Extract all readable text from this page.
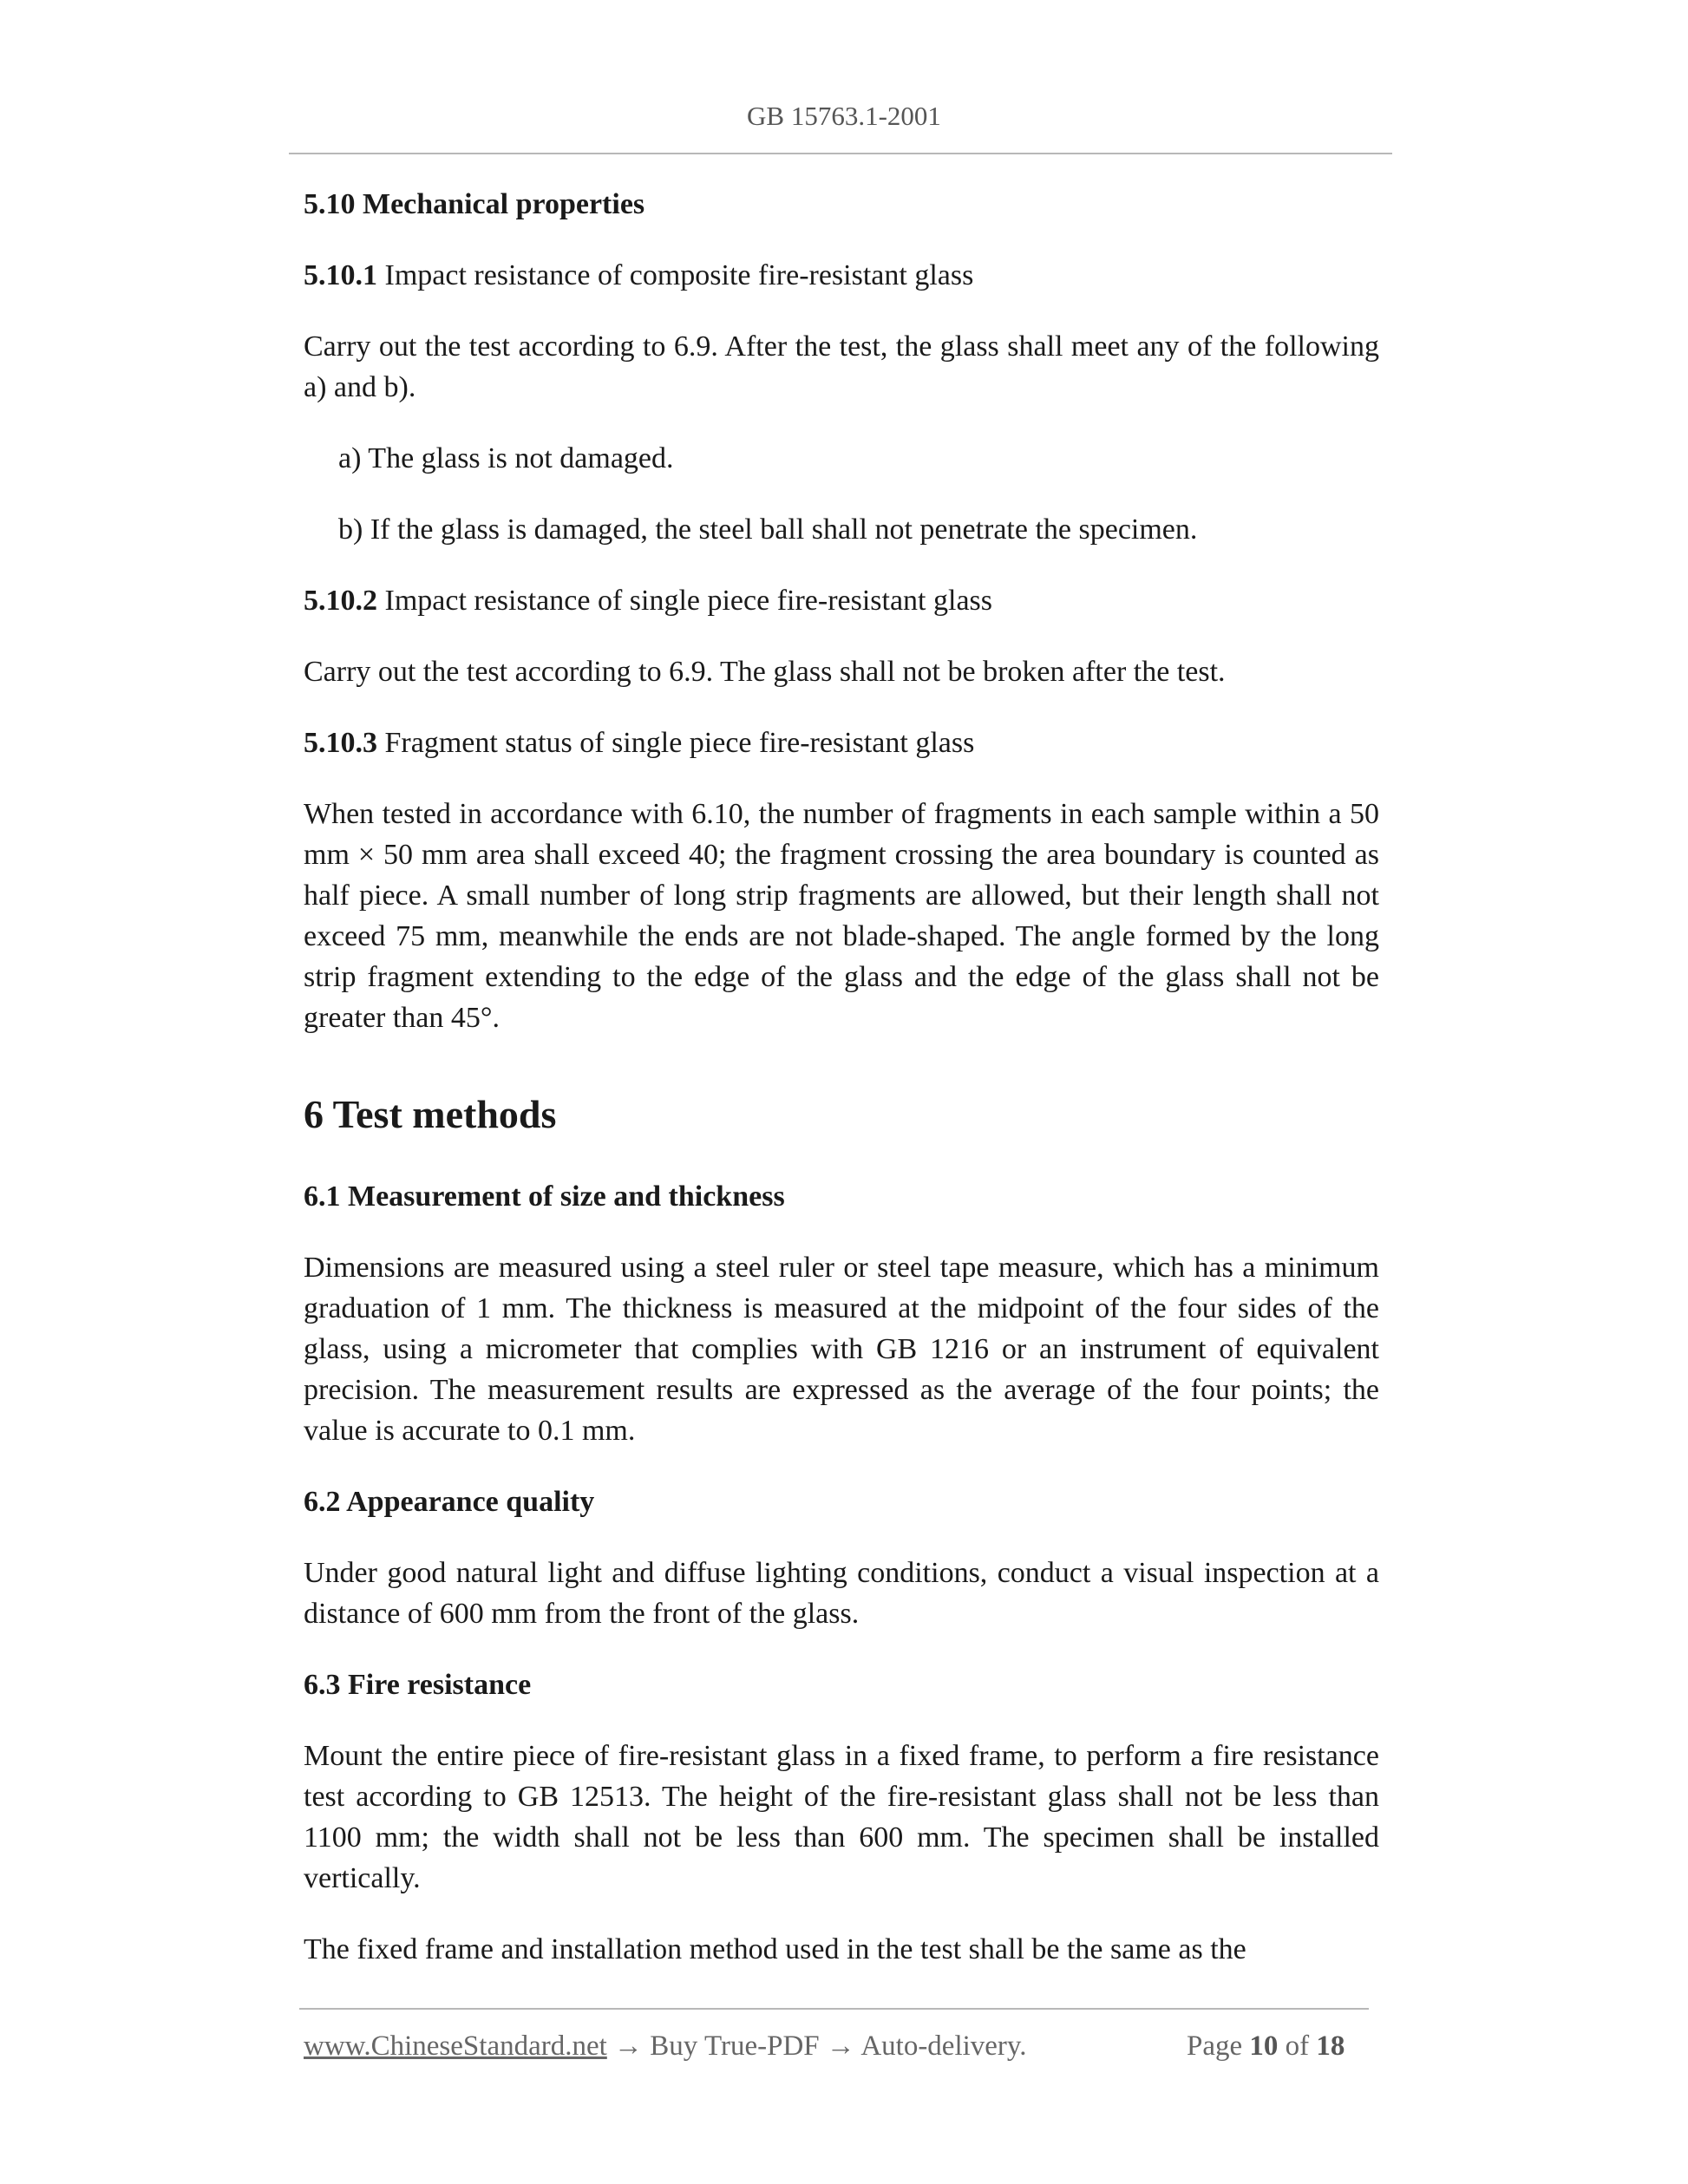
GB 15763.1-2001

5.10 Mechanical properties

5.10.1 Impact resistance of composite fire-resistant glass

Carry out the test according to 6.9. After the test, the glass shall meet any of the following a) and b).

a) The glass is not damaged.

b) If the glass is damaged, the steel ball shall not penetrate the specimen.

5.10.2 Impact resistance of single piece fire-resistant glass

Carry out the test according to 6.9. The glass shall not be broken after the test.

5.10.3 Fragment status of single piece fire-resistant glass

When tested in accordance with 6.10, the number of fragments in each sample within a 50 mm × 50 mm area shall exceed 40; the fragment crossing the area boundary is counted as half piece. A small number of long strip fragments are allowed, but their length shall not exceed 75 mm, meanwhile the ends are not blade-shaped. The angle formed by the long strip fragment extending to the edge of the glass and the edge of the glass shall not be greater than 45°.

6 Test methods

6.1 Measurement of size and thickness

Dimensions are measured using a steel ruler or steel tape measure, which has a minimum graduation of 1 mm. The thickness is measured at the midpoint of the four sides of the glass, using a micrometer that complies with GB 1216 or an instrument of equivalent precision. The measurement results are expressed as the average of the four points; the value is accurate to 0.1 mm.

6.2 Appearance quality

Under good natural light and diffuse lighting conditions, conduct a visual inspection at a distance of 600 mm from the front of the glass.

6.3 Fire resistance

Mount the entire piece of fire-resistant glass in a fixed frame, to perform a fire resistance test according to GB 12513. The height of the fire-resistant glass shall not be less than 1100 mm; the width shall not be less than 600 mm. The specimen shall be installed vertically.

The fixed frame and installation method used in the test shall be the same as the

www.ChineseStandard.net → Buy True-PDF → Auto-delivery.	Page 10 of 18
